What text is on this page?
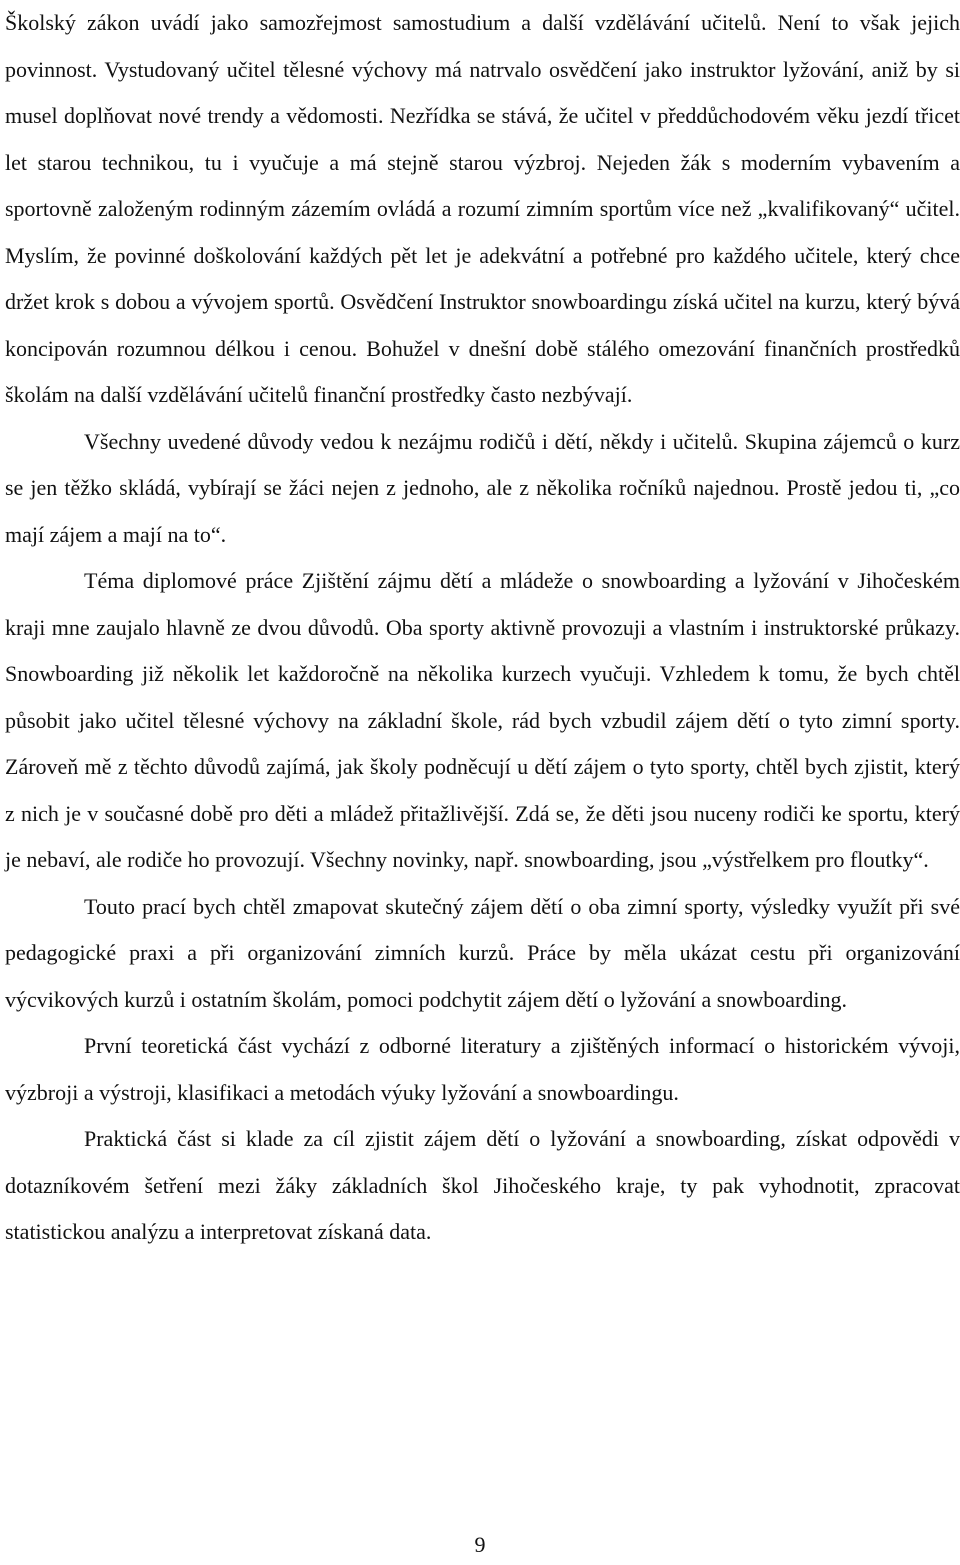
Školský zákon uvádí jako samozřejmost samostudium a další vzdělávání učitelů. Není to však jejich povinnost. Vystudovaný učitel tělesné výchovy má natrvalo osvědčení jako instruktor lyžování, aniž by si musel doplňovat nové trendy a vědomosti. Nezřídka se stává, že učitel v předdůchodovém věku jezdí třicet let starou technikou, tu i vyučuje a má stejně starou výzbroj. Nejeden žák s moderním vybavením a sportovně založeným rodinným zázemím ovládá a rozumí zimním sportům více než „kvalifikovaný“ učitel. Myslím, že povinné doškolování každých pět let je adekvátní a potřebné pro každého učitele, který chce držet krok s dobou a vývojem sportů. Osvědčení Instruktor snowboardingu získá učitel na kurzu, který bývá koncipován rozumnou délkou i cenou. Bohužel v dnešní době stálého omezování finančních prostředků školám na další vzdělávání učitelů finanční prostředky často nezbývají.

Všechny uvedené důvody vedou k nezájmu rodičů i dětí, někdy i učitelů. Skupina zájemců o kurz se jen těžko skládá, vybírají se žáci nejen z jednoho, ale z několika ročníků najednou. Prostě jedou ti, „co mají zájem a mají na to“.

Téma diplomové práce Zjištění zájmu dětí a mládeže o snowboarding a lyžování v Jihočeském kraji mne zaujalo hlavně ze dvou důvodů. Oba sporty aktivně provozuji a vlastním i instruktorské průkazy. Snowboarding již několik let každoročně na několika kurzech vyučuji. Vzhledem k tomu, že bych chtěl působit jako učitel tělesné výchovy na základní škole, rád bych vzbudil zájem dětí o tyto zimní sporty. Zároveň mě z těchto důvodů zajímá, jak školy podněcují u dětí zájem o tyto sporty, chtěl bych zjistit, který z nich je v současné době pro děti a mládež přitažlivější. Zdá se, že děti jsou nuceny rodiči ke sportu, který je nebaví, ale rodiče ho provozují. Všechny novinky, např. snowboarding, jsou „výstřelkem pro floutky“.

Touto prací bych chtěl zmapovat skutečný zájem dětí o oba zimní sporty, výsledky využít při své pedagogické praxi a při organizování zimních kurzů. Práce by měla ukázat cestu při organizování výcvikových kurzů i ostatním školám, pomoci podchytit zájem dětí o lyžování a snowboarding.

První teoretická část vychází z odborné literatury a zjištěných informací o historickém vývoji, výzbroji a výstroji, klasifikaci a metodách výuky lyžování a snowboardingu.

Praktická část si klade za cíl zjistit zájem dětí o lyžování a snowboarding, získat odpovědi v dotazníkovém šetření mezi žáky základních škol Jihočeského kraje, ty pak vyhodnotit, zpracovat statistickou analýzu a interpretovat získaná data.

9
